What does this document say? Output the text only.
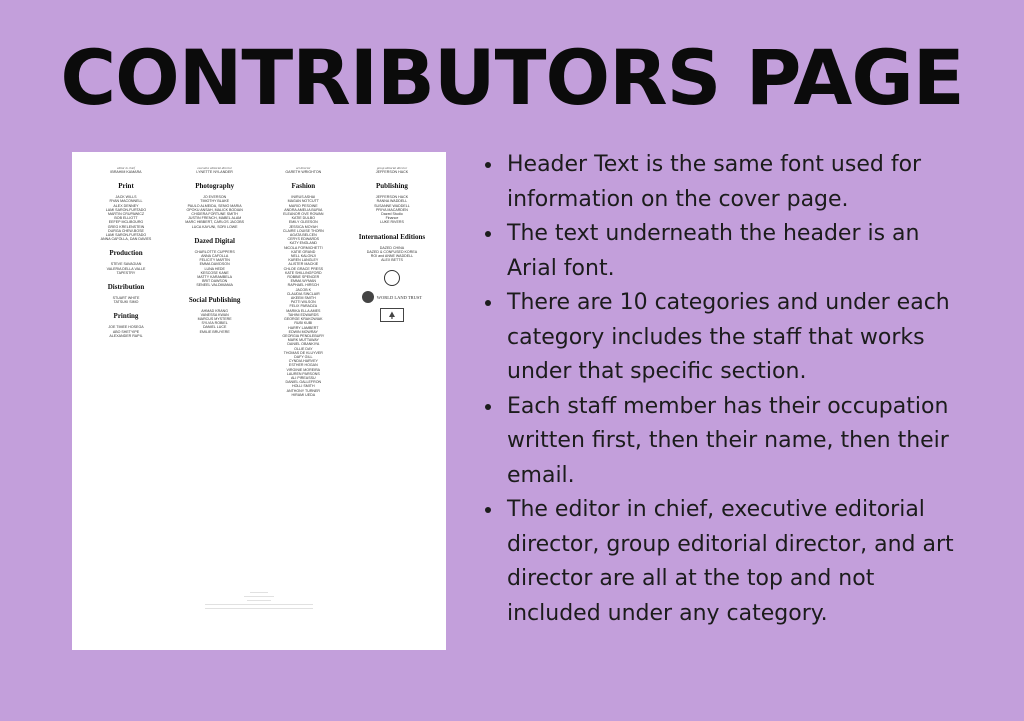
CONTRIBUTORS PAGE
editor in chief
IBRAHIM KAMARA
Print
JACK WILLS
RYAN MACONNELL
ALEX DENNEY
LAMI SARON-FURTADO
MARTIN CRUPAWICZ
BOB ELLIOTT
EEFEP MCLIBOURG
GREG KRELENSTEIN
DURGA CHEW-BOSE
LAMI SARON-FURTADO
ANNA CAFOLLA, DAN DAVIES
Production
STEVE SAVAGIAN
VALERIA DELLA VALLE
TAPESTRY
Distribution
STUART WHITE
TATSUKI SIMO
Printing
JOE TIMEE HOSEGA
ABO SHETYIPE
ALEXANDER RAPIL
executive editorial director
LYNETTE NYLANDER
Photography
JO EVERSON
TIMOTHY BLAKE
PAULO ALMEIDA, SENIO MARIA
OPOKU ANSAH, MALICK BODIAN
CHIDERA FORTUNE SMITH
JUSTIN FRENCH, MABEL ALAM
MARC HIBBERT, CARLOS JACOBS
LUCA KAYUNI, SORI LOWE
Dazed Digital
CHARLOTTE CUPPERS
ANNA CAFOLLA
FELICITY MARTIN
EMMA DAVIDSON
LUNA HEDE
KESCOSE KANE
MATTY KARAMBELA
BRIT DAWSON
SENEEL VALDIMANIA
Social Publishing
AHMAD KRANG
VANESSA KWAN
MARCUS MYSTERE
SYLVIA ROBIEL
DANIEL LUCE
EMILIE BRUYERE
art director
GARETH WRIGHTON
Fashion
INIRUS ASHAI
MAGAN NOTCUTT
MARIO PESOINE
ANDRA AMELIA BURIA
ELEANOR OVE ROWAN
KATIE DULBO
EMILY GLEESON
JESSICA MOYAH
CLAIRE LOUISE THORN
AGATA BELCEN
CERYS EDWARDS
KATY ENGLAND
NICOLA FORMICHETTI
KATIE GRAND
NELL KALONJI
KAREN LANGLEY
ALISTER MACKIE
CHLOE GRACE PRESS
KATE SHILLINGFORD
ROBBIE SPENCER
EMMA WYMAN
RAPHAEL HIRSCH
JACOB K
CLAUDIA SINCLAIR
AKEEM SMITH
PATTI WILSON
FELIX PARADZA
MARIKA ELLA AMES
TAHINI EDWARDS
GEORGE KRAKOWIAK
RUBI KUBI
HARRY LAMBERT
EDWIN MOWRAY
GEORGIA PENDLEBURY
MARK MUTTAWAY
DANIEL OBANKIYA
OLLIE DAY
THOMAS DE KLUYVER
DAFY GILL
CYNDIA HARVEY
ESTHER HOGAN
VIRGINIE MOREIRA
LAUREN PARSONS
ALI PIREASSU
DANIEL GALLEFRON
HOLLI SMITH
ANTHONY TURNER
HIRAMI UEDA
group editorial director
JEFFERSON HACK
Publishing
JEFFERSON HACK
RANNA WADDELL
SUSANNE WADDELL
PRIYA MACARDEN
Dazed Studio
Finance
LUKE RIVERS
International Editions
DAZED CHINA
DAZED & CONFUSED KOREA
ROI and ANNE WADDELL
ALEX BETTS
WORLD LAND TRUST
——————
——————————
————————
————————————————————————————————————
————————————————————————————————————
Header Text is the same font used for information on the cover page.
The text underneath the header is an Arial font.
There are 10 categories and under each category includes the staff that works under that specific section.
Each staff member has their occupation written first, then their name, then their email.
The editor in chief, executive editorial director, group editorial director, and art director are all at the top and not included under any category.
